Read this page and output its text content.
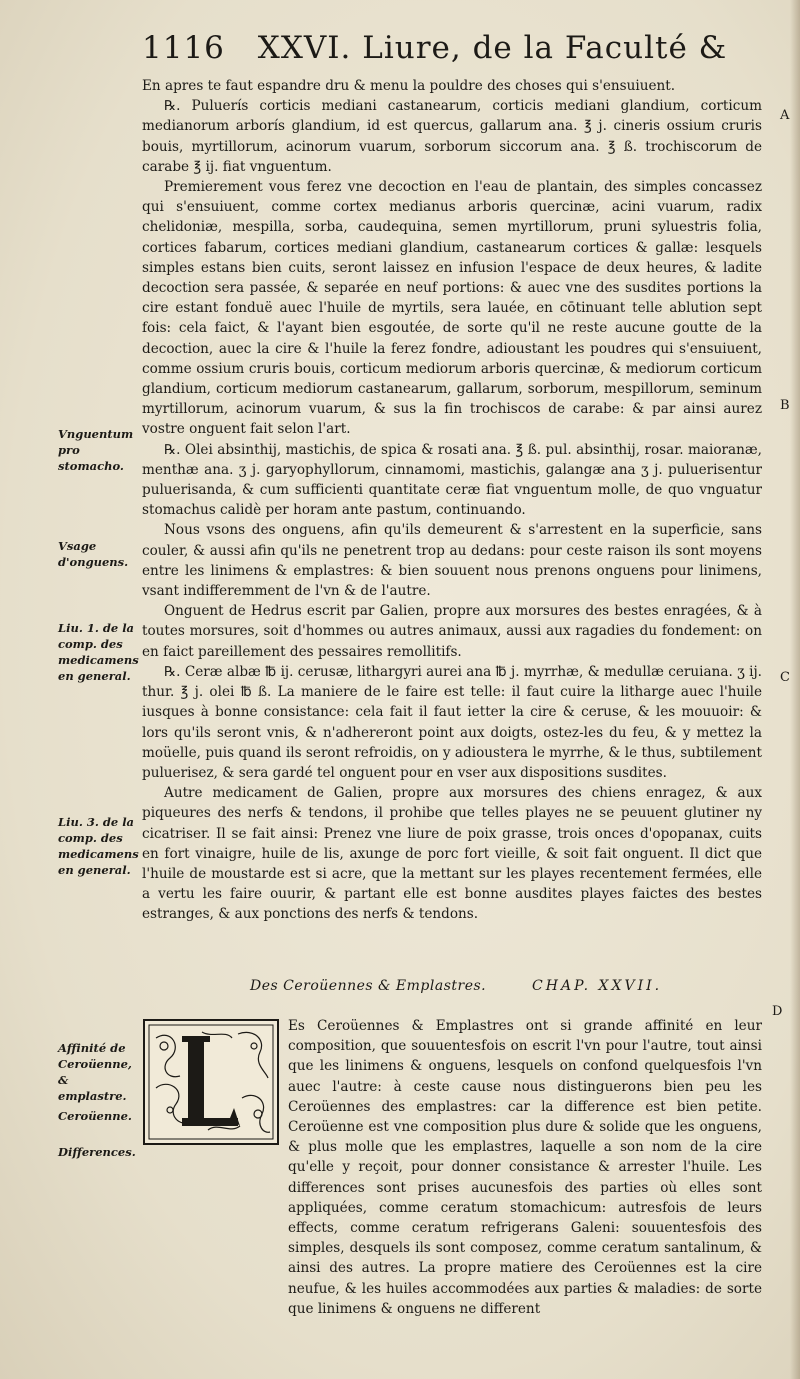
1116 XXVI. Liure, de la Faculté &

En apres te faut espandre dru & menu la pouldre des choses qui s'ensuiuent.

℞. Puluerís corticis mediani castanearum, corticis mediani glandium, corticum medianorum arborís glandium, id est quercus, gallarum ana. ℥ j. cineris ossium cruris bouis, myrtillorum, acinorum vuarum, sorborum siccorum ana. ℥ ß. trochiscorum de carabe ℥ ij. fiat vnguentum.

Premierement vous ferez vne decoction en l'eau de plantain, des simples concassez qui s'ensuiuent, comme cortex medianus arboris quercinæ, acini vuarum, radix chelidoniæ, mespilla, sorba, caudequina, semen myrtillorum, pruni syluestris folia, cortices fabarum, cortices mediani glandium, castanearum cortices & gallæ: lesquels simples estans bien cuits, seront laissez en infusion l'espace de deux heures, & ladite decoction sera passée, & separée en neuf portions: & auec vne des susdites portions la cire estant fonduë auec l'huile de myrtils, sera lauée, en cōtinuant telle ablution sept fois: cela faict, & l'ayant bien esgoutée, de sorte qu'il ne reste aucune goutte de la decoction, auec la cire & l'huile la ferez fondre, adioustant les poudres qui s'ensuiuent, comme ossium cruris bouis, corticum mediorum arboris quercinæ, & mediorum corticum glandium, corticum mediorum castanearum, gallarum, sorborum, mespillorum, seminum myrtillorum, acinorum vuarum, & sus la fin trochiscos de carabe: & par ainsi aurez vostre onguent fait selon l'art.

℞. Olei absinthij, mastichis, de spica & rosati ana. ℥ ß. pul. absinthij, rosar. maioranæ, menthæ ana. ʒ j. garyophyllorum, cinnamomi, mastichis, galangæ ana ʒ j. puluerisentur puluerisanda, & cum sufficienti quantitate ceræ fiat vnguentum molle, de quo vnguatur stomachus calidè per horam ante pastum, continuando.

Nous vsons des onguens, afin qu'ils demeurent & s'arrestent en la superficie, sans couler, & aussi afin qu'ils ne penetrent trop au dedans: pour ceste raison ils sont moyens entre les linimens & emplastres: & bien souuent nous prenons onguens pour linimens, vsant indifferemment de l'vn & de l'autre.

Onguent de Hedrus escrit par Galien, propre aux morsures des bestes enragées, & à toutes morsures, soit d'hommes ou autres animaux, aussi aux ragadies du fondement: on en faict pareillement des pessaires remollitifs.

℞. Ceræ albæ ℔ ij. cerusæ, lithargyri aurei ana ℔ j. myrrhæ, & medullæ ceruiana. ʒ ij. thur. ℥ j. olei ℔ ß. La maniere de le faire est telle: il faut cuire la litharge auec l'huile iusques à bonne consistance: cela fait il faut ietter la cire & ceruse, & les mouuoir: & lors qu'ils seront vnis, & n'adhereront point aux doigts, ostez-les du feu, & y mettez la moüelle, puis quand ils seront refroidis, on y adioustera le myrrhe, & le thus, subtilement puluerisez, & sera gardé tel onguent pour en vser aux dispositions susdites.

Autre medicament de Galien, propre aux morsures des chiens enragez, & aux piqueures des nerfs & tendons, il prohibe que telles playes ne se peuuent glutiner ny cicatriser. Il se fait ainsi: Prenez vne liure de poix grasse, trois onces d'opopanax, cuits en fort vinaigre, huile de lis, axunge de porc fort vieille, & soit fait onguent. Il dict que l'huile de moustarde est si acre, que la mettant sur les playes recentement fermées, elle a vertu les faire ouurir, & partant elle est bonne ausdites playes faictes des bestes estranges, & aux ponctions des nerfs & tendons.

Vnguentum pro stomacho.
Vsage d'onguens.
Liu. 1. de la comp. des medicamens en general.
Liu. 3. de la comp. des medicamens en general.
Affinité de Ceroüenne, & emplastre.
Ceroüenne.
Differences.
A
B
C
D
Des Ceroüennes & Emplastres.	CHAP. XXVII.
L	Es Ceroüennes & Emplastres ont si grande affinité en leur composition, que souuentesfois on escrit l'vn pour l'autre, tout ainsi que les linimens & onguens, lesquels on confond quelquesfois l'vn auec l'autre: à ceste cause nous distinguerons bien peu les Ceroüennes des emplastres: car la difference est bien petite. Ceroüenne est vne composition plus dure & solide que les onguens, & plus molle que les emplastres, laquelle a son nom de la cire qu'elle y reçoit, pour donner consistance & arrester l'huile. Les differences sont prises aucunesfois des parties où elles sont appliquées, comme ceratum stomachicum: autresfois de leurs effects, comme ceratum refrigerans Galeni: souuentesfois des simples, desquels ils sont composez, comme ceratum santalinum, & ainsi des autres. La propre matiere des Ceroüennes est la cire neufue, & les huiles accommodées aux parties & maladies: de sorte que linimens & onguens ne different
